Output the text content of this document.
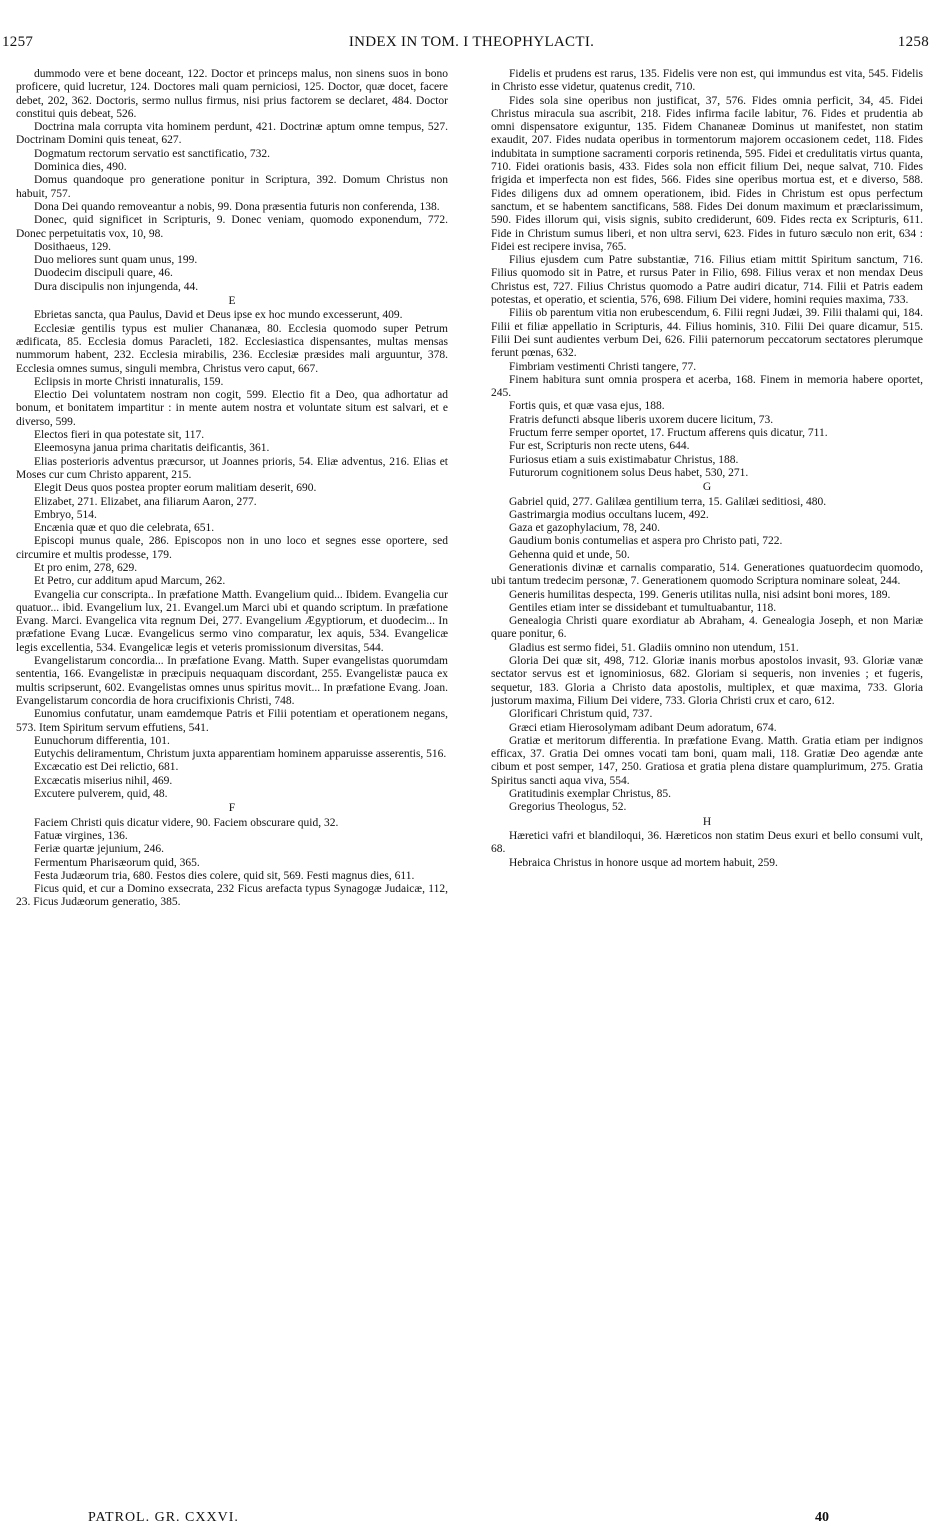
1257	INDEX IN TOM. I THEOPHYLACTI.	1258

dummodo vere et bene doceant, 122. Doctor et princeps malus, non sinens suos in bono proficere, quid lucretur, 124. Doctores mali quam perniciosi, 125. Doctor, quæ docet, facere debet, 202, 362. Doctoris, sermo nullus firmus, nisi prius factorem se declaret, 484. Doctor constitui quis debeat, 526.

Doctrina mala corrupta vita hominem perdunt, 421. Doctrinæ aptum omne tempus, 527. Doctrinam Domini quis teneat, 627.

Dogmatum rectorum servatio est sanctificatio, 732.

Dominica dies, 490.

Domus quandoque pro generatione ponitur in Scriptura, 392. Domum Christus non habuit, 757.

Dona Dei quando removeantur a nobis, 99. Dona præsentia futuris non conferenda, 138.

Donec, quid significet in Scripturis, 9. Donec veniam, quomodo exponendum, 772. Donec perpetuitatis vox, 10, 98.

Dosithaeus, 129.

Duo meliores sunt quam unus, 199.

Duodecim discipuli quare, 46.

Dura discipulis non injungenda, 44.

E

Ebrietas sancta, qua Paulus, David et Deus ipse ex hoc mundo excesserunt, 409.

Ecclesiæ gentilis typus est mulier Chananæa, 80. Ecclesia quomodo super Petrum ædificata, 85. Ecclesia domus Paracleti, 182. Ecclesiastica dispensantes, multas mensas nummorum habent, 232. Ecclesia mirabilis, 236. Ecclesiæ præsides mali arguuntur, 378. Ecclesia omnes sumus, singuli membra, Christus vero caput, 667.

Eclipsis in morte Christi innaturalis, 159.

Electio Dei voluntatem nostram non cogit, 599. Electio fit a Deo, qua adhortatur ad bonum, et bonitatem impartitur : in mente autem nostra et voluntate situm est salvari, et e diverso, 599.

Electos fieri in qua potestate sit, 117.

Eleemosyna janua prima charitatis deificantis, 361.

Elias posterioris adventus præcursor, ut Joannes prioris, 54. Eliæ adventus, 216. Elias et Moses cur cum Christo apparent, 215.

Elegit Deus quos postea propter eorum malitiam deserit, 690.

Elizabet, 271. Elizabet, ana filiarum Aaron, 277.

Embryo, 514.

Encænia quæ et quo die celebrata, 651.

Episcopi munus quale, 286. Episcopos non in uno loco et segnes esse oportere, sed circumire et multis prodesse, 179.

Et pro enim, 278, 629.

Et Petro, cur additum apud Marcum, 262.

Evangelia cur conscripta.. In præfatione Matth. Evangelium quid... Ibidem. Evangelia cur quatuor... ibid. Evangelium lux, 21. Evangel.um Marci ubi et quando scriptum. In præfatione Evang. Marci. Evangelica vita regnum Dei, 277. Evangelium Ægyptiorum, et duodecim... In præfatione Evang Lucæ. Evangelicus sermo vino comparatur, lex aquis, 534. Evangelicæ legis excellentia, 534. Evangelicæ legis et veteris promissionum diversitas, 544.

Evangelistarum concordia... In præfatione Evang. Matth. Super evangelistas quorumdam sententia, 166. Evangelistæ in præcipuis nequaquam discordant, 255. Evangelistæ pauca ex multis scripserunt, 602. Evangelistas omnes unus spiritus movit... In præfatione Evang. Joan. Evangelistarum concordia de hora crucifixionis Christi, 748.

Eunomius confutatur, unam eamdemque Patris et Filii potentiam et operationem negans, 573. Item Spiritum servum effutiens, 541.

Eunuchorum differentia, 101.

Eutychis deliramentum, Christum juxta apparentiam hominem apparuisse asserentis, 516.

Excæcatio est Dei relictio, 681.

Excæcatis miserius nihil, 469.

Excutere pulverem, quid, 48.

F

Faciem Christi quis dicatur videre, 90. Faciem obscurare quid, 32.

Fatuæ virgines, 136.

Feriæ quartæ jejunium, 246.

Fermentum Pharisæorum quid, 365.

Festa Judæorum tria, 680. Festos dies colere, quid sit, 569. Festi magnus dies, 611.

Ficus quid, et cur a Domino exsecrata, 232 Ficus arefacta typus Synagogæ Judaicæ, 112, 23. Ficus Judæorum generatio, 385.

Fidelis et prudens est rarus, 135. Fidelis vere non est, qui immundus est vita, 545. Fidelis in Christo esse videtur, quatenus credit, 710.

Fides sola sine operibus non justificat, 37, 576. Fides omnia perficit, 34, 45. Fidei Christus miracula sua ascribit, 218. Fides infirma facile labitur, 76. Fides et prudentia ab omni dispensatore exiguntur, 135. Fidem Chananeæ Dominus ut manifestet, non statim exaudit, 207. Fides nudata operibus in tormentorum majorem occasionem cedet, 118. Fides indubitata in sumptione sacramenti corporis retinenda, 595. Fidei et credulitatis virtus quanta, 710. Fidei orationis basis, 433. Fides sola non efficit filium Dei, neque salvat, 710. Fides frigida et imperfecta non est fides, 566. Fides sine operibus mortua est, et e diverso, 588. Fides diligens dux ad omnem operationem, ibid. Fides in Christum est opus perfectum sanctum, et se habentem sanctificans, 588. Fides Dei donum maximum et præclarissimum, 590. Fides illorum qui, visis signis, subito crediderunt, 609. Fides recta ex Scripturis, 611. Fide in Christum sumus liberi, et non ultra servi, 623. Fides in futuro sæculo non erit, 634 : Fidei est recipere invisa, 765.

Filius ejusdem cum Patre substantiæ, 716. Filius etiam mittit Spiritum sanctum, 716. Filius quomodo sit in Patre, et rursus Pater in Filio, 698. Filius verax et non mendax Deus Christus est, 727. Filius Christus quomodo a Patre audiri dicatur, 714. Filii et Patris eadem potestas, et operatio, et scientia, 576, 698. Filium Dei videre, homini requies maxima, 733.

Filiis ob parentum vitia non erubescendum, 6. Filii regni Judæi, 39. Filii thalami qui, 184. Filii et filiæ appellatio in Scripturis, 44. Filius hominis, 310. Filii Dei quare dicamur, 515. Filii Dei sunt audientes verbum Dei, 626. Filii paternorum peccatorum sectatores plerumque ferunt pœnas, 632.

Fimbriam vestimenti Christi tangere, 77.

Finem habitura sunt omnia prospera et acerba, 168. Finem in memoria habere oportet, 245.

Fortis quis, et quæ vasa ejus, 188.

Fratris defuncti absque liberis uxorem ducere licitum, 73.

Fructum ferre semper oportet, 17. Fructum afferens quis dicatur, 711.

Fur est, Scripturis non recte utens, 644.

Furiosus etiam a suis existimabatur Christus, 188.

Futurorum cognitionem solus Deus habet, 530, 271.

G

Gabriel quid, 277. Galilæa gentilium terra, 15. Galilæi seditiosi, 480.

Gastrimargia modius occultans lucem, 492.

Gaza et gazophylacium, 78, 240.

Gaudium bonis contumelias et aspera pro Christo pati, 722.

Gehenna quid et unde, 50.

Generationis divinæ et carnalis comparatio, 514. Generationes quatuordecim quomodo, ubi tantum tredecim personæ, 7. Generationem quomodo Scriptura nominare soleat, 244.

Generis humilitas despecta, 199. Generis utilitas nulla, nisi adsint boni mores, 189.

Gentiles etiam inter se dissidebant et tumultuabantur, 118.

Genealogia Christi quare exordiatur ab Abraham, 4. Genealogia Joseph, et non Mariæ quare ponitur, 6.

Gladius est sermo fidei, 51. Gladiis omnino non utendum, 151.

Gloria Dei quæ sit, 498, 712. Gloriæ inanis morbus apostolos invasit, 93. Gloriæ vanæ sectator servus est et ignominiosus, 682. Gloriam si sequeris, non invenies ; et fugeris, sequetur, 183. Gloria a Christo data apostolis, multiplex, et quæ maxima, 733. Gloria justorum maxima, Filium Dei videre, 733. Gloria Christi crux et caro, 612.

Glorificari Christum quid, 737.

Græci etiam Hierosolymam adibant Deum adoratum, 674.

Gratiæ et meritorum differentia. In præfatione Evang. Matth. Gratia etiam per indignos efficax, 37. Gratia Dei omnes vocati tam boni, quam mali, 118. Gratiæ Deo agendæ ante cibum et post semper, 147, 250. Gratiosa et gratia plena distare quamplurimum, 275. Gratia Spiritus sancti aqua viva, 554.

Gratitudinis exemplar Christus, 85.

Gregorius Theologus, 52.

H

Hæretici vafri et blandiloqui, 36. Hæreticos non statim Deus exuri et bello consumi vult, 68.

Hebraica Christus in honore usque ad mortem habuit, 259.

PATROL. GR. CXXVI.	40
